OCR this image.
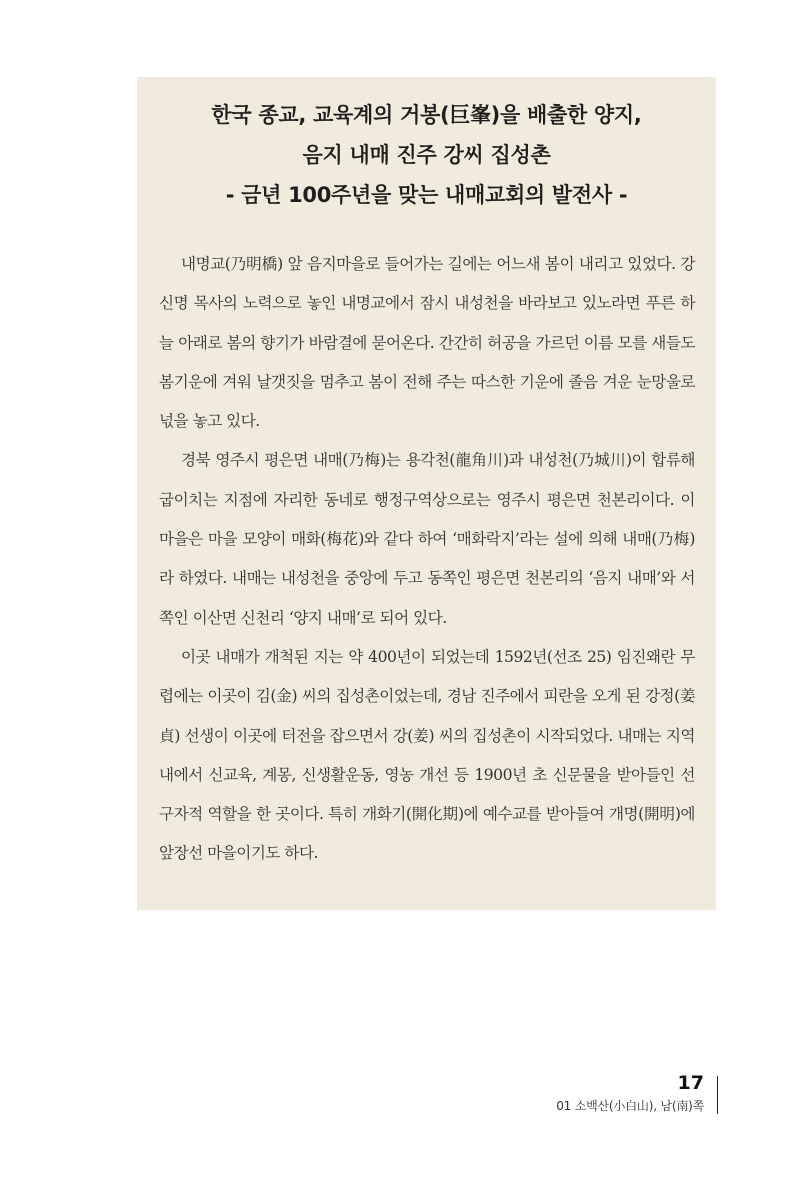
한국 종교, 교육계의 거봉(巨峯)을 배출한 양지,
음지 내매 진주 강씨 집성촌
- 금년 100주년을 맞는 내매교회의 발전사 -

내명교(乃明橋) 앞 음지마을로 들어가는 길에는 어느새 봄이 내리고 있었다. 강신명 목사의 노력으로 놓인 내명교에서 잠시 내성천을 바라보고 있노라면 푸른 하늘 아래로 봄의 향기가 바람결에 묻어온다. 간간히 허공을 가르던 이름 모를 새들도 봄기운에 겨워 날갯짓을 멈추고 봄이 전해 주는 따스한 기운에 졸음 겨운 눈망울로 넋을 놓고 있다.

경북 영주시 평은면 내매(乃梅)는 용각천(龍角川)과 내성천(乃城川)이 합류해 굽이치는 지점에 자리한 동네로 행정구역상으로는 영주시 평은면 천본리이다. 이 마을은 마을 모양이 매화(梅花)와 같다 하여 ‘매화락지’라는 설에 의해 내매(乃梅)라 하였다. 내매는 내성천을 중앙에 두고 동쪽인 평은면 천본리의 ‘음지 내매’와 서쪽인 이산면 신천리 ‘양지 내매’로 되어 있다.

이곳 내매가 개척된 지는 약 400년이 되었는데 1592년(선조 25) 임진왜란 무렵에는 이곳이 김(金) 씨의 집성촌이었는데, 경남 진주에서 피란을 오게 된 강정(姜貞) 선생이 이곳에 터전을 잡으면서 강(姜) 씨의 집성촌이 시작되었다. 내매는 지역 내에서 신교육, 계몽, 신생활운동, 영농 개선 등 1900년 초 신문물을 받아들인 선구자적 역할을 한 곳이다. 특히 개화기(開化期)에 예수교를 받아들여 개명(開明)에 앞장선 마을이기도 하다.

17
01 소백산(小白山), 남(南)쪽
